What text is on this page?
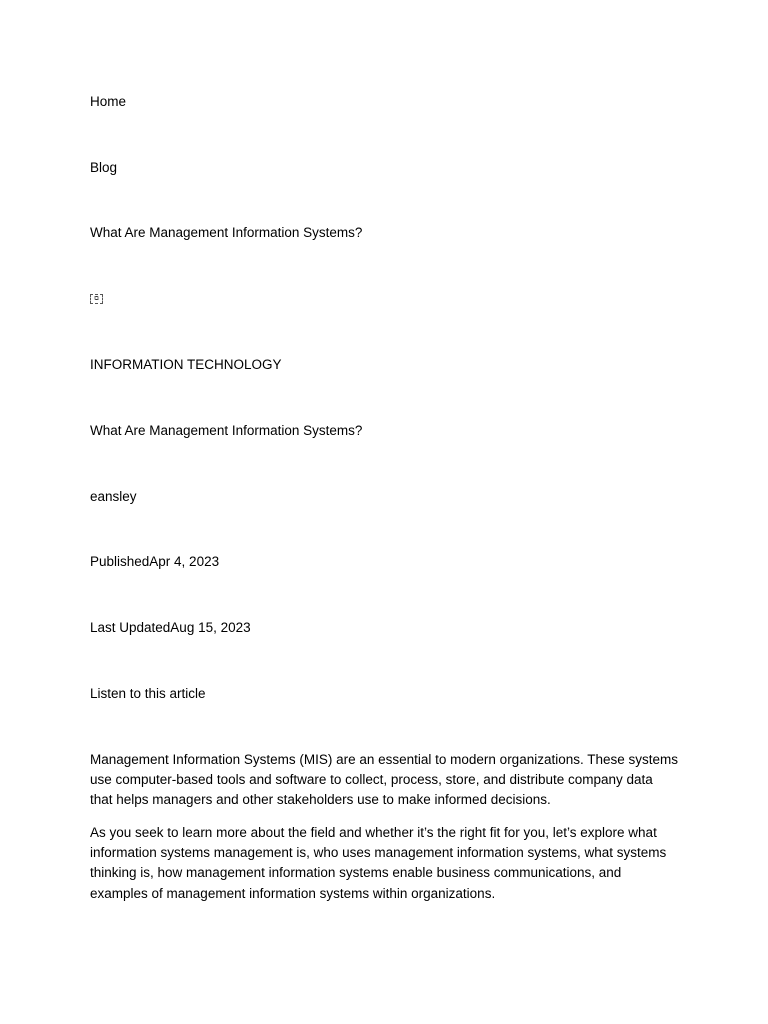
Home
Blog
What Are Management Information Systems?
⧉
INFORMATION TECHNOLOGY
What Are Management Information Systems?
eansley
PublishedApr 4, 2023
Last UpdatedAug 15, 2023
Listen to this article

Management Information Systems (MIS) are an essential to modern organizations. These systems use computer-based tools and software to collect, process, store, and distribute company data that helps managers and other stakeholders use to make informed decisions.

As you seek to learn more about the field and whether it’s the right fit for you, let’s explore what information systems management is, who uses management information systems, what systems thinking is, how management information systems enable business communications, and examples of management information systems within organizations.
